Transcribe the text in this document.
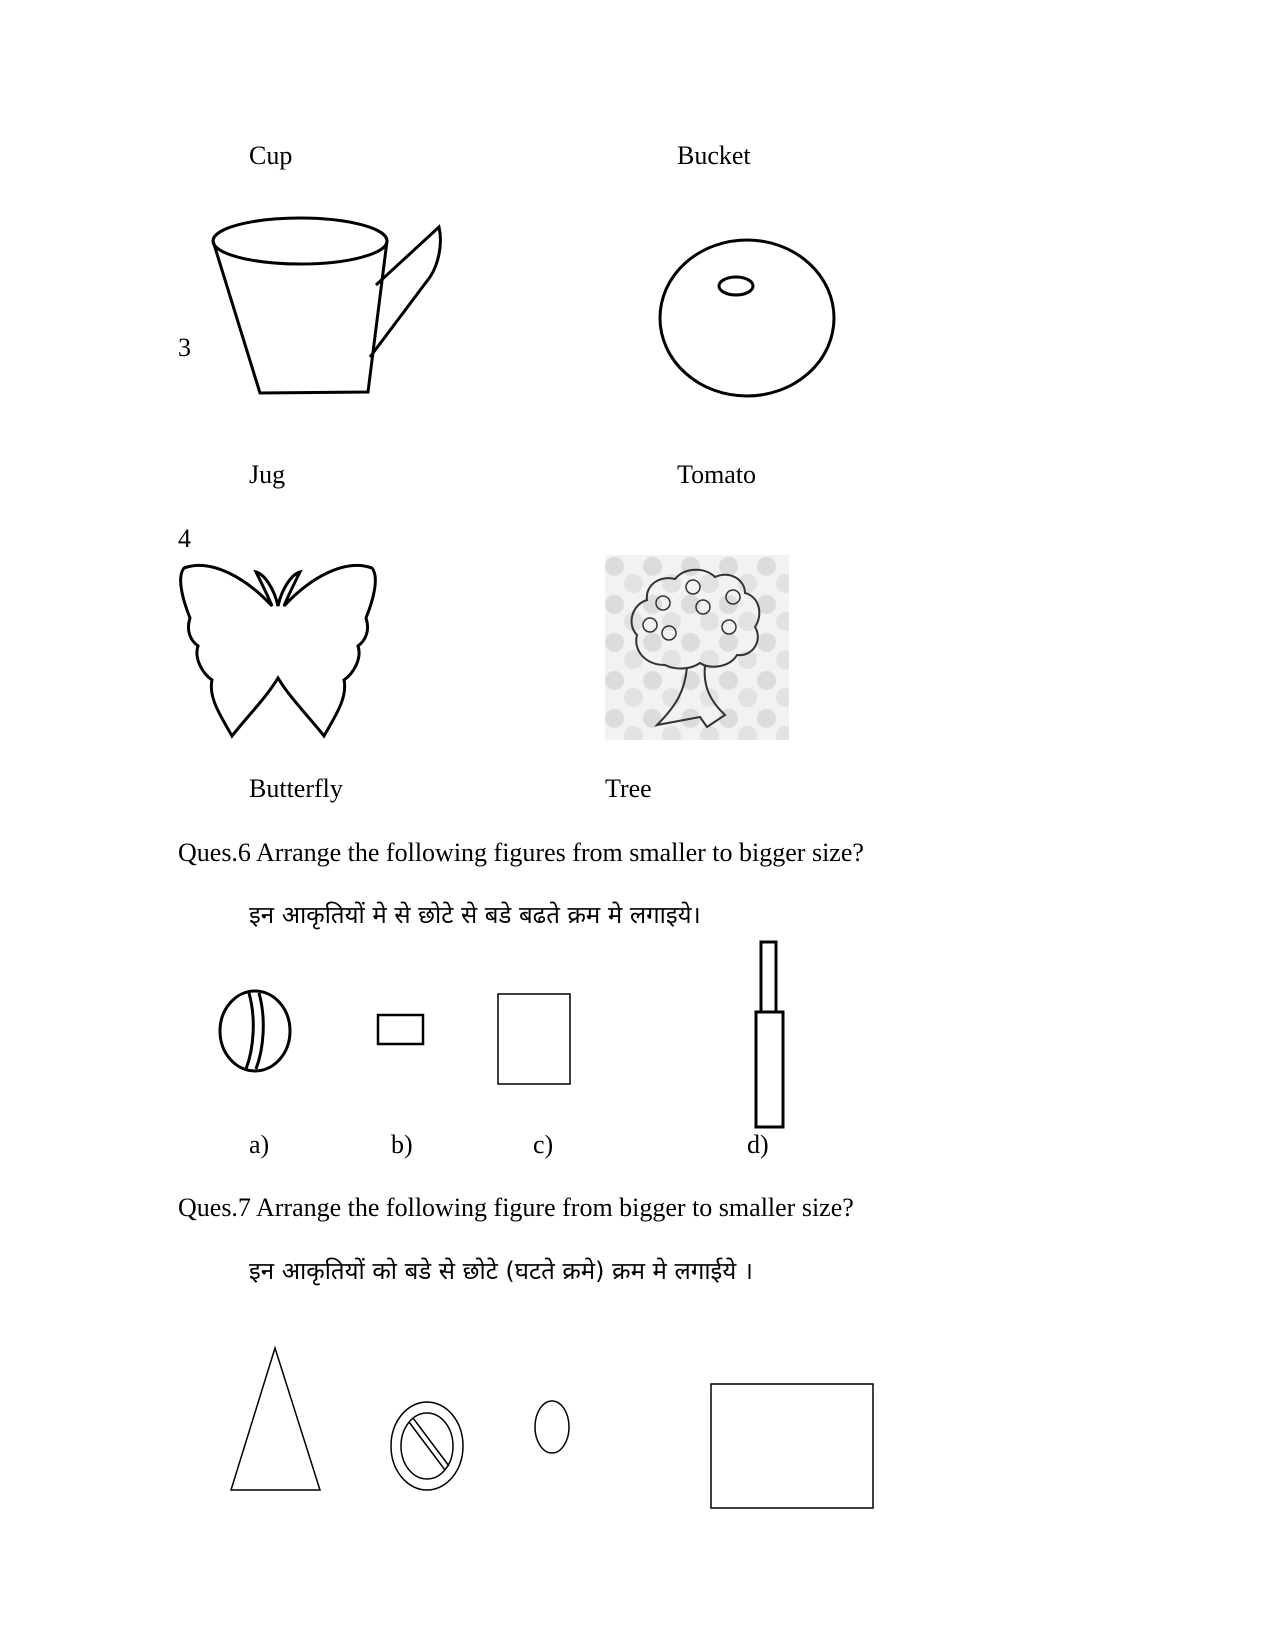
Cup	Bucket
3
Jug	Tomato
4
Butterfly	Tree
Ques.6 Arrange the following figures from smaller to bigger size?
इन आकृतियों मे से छोटे से बडे बढते क्रम मे लगाइये।
a)	b)	c)	d)
Ques.7 Arrange the following figure from bigger to smaller size?
इन आकृतियों को बडे से छोटे (घटते क्रमे) क्रम मे लगाईये ।
